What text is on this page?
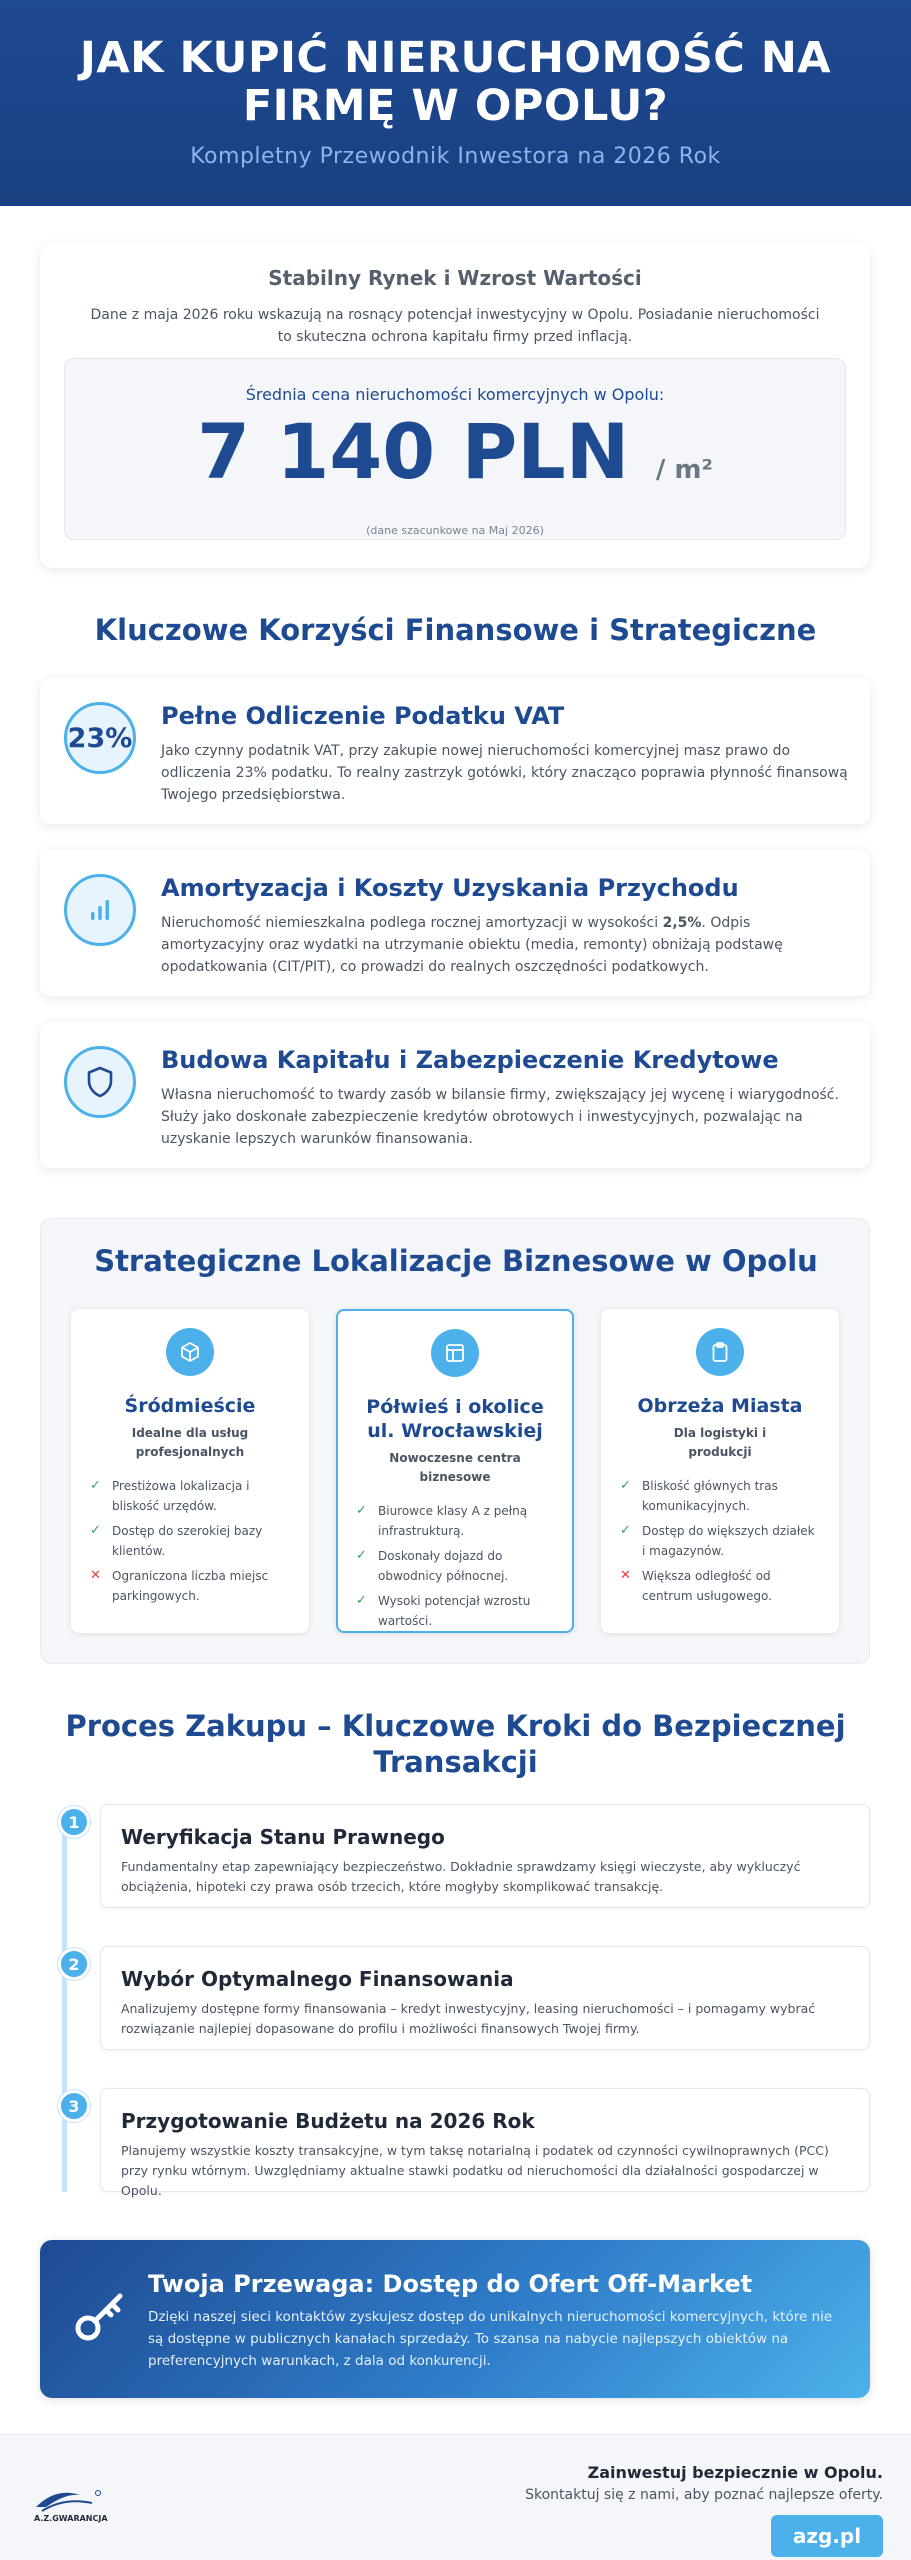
JAK KUPIĆ NIERUCHOMOŚĆ NA
FIRMĘ W OPOLU?
Kompletny Przewodnik Inwestora na 2026 Rok
Stabilny Rynek i Wzrost Wartości

Dane z maja 2026 roku wskazują na rosnący potencjał inwestycyjny w Opolu. Posiadanie nieruchomości to skuteczna ochrona kapitału firmy przed inflacją.

Średnia cena nieruchomości komercyjnych w Opolu:
7 140 PLN / m²
(dane szacunkowe na Maj 2026)
Kluczowe Korzyści Finansowe i Strategiczne
23%
Pełne Odliczenie Podatku VAT

Jako czynny podatnik VAT, przy zakupie nowej nieruchomości komercyjnej masz prawo do odliczenia 23% podatku. To realny zastrzyk gotówki, który znacząco poprawia płynność finansową Twojego przedsiębiorstwa.

Amortyzacja i Koszty Uzyskania Przychodu

Nieruchomość niemieszkalna podlega rocznej amortyzacji w wysokości 2,5%. Odpis amortyzacyjny oraz wydatki na utrzymanie obiektu (media, remonty) obniżają podstawę opodatkowania (CIT/PIT), co prowadzi do realnych oszczędności podatkowych.

Budowa Kapitału i Zabezpieczenie Kredytowe

Własna nieruchomość to twardy zasób w bilansie firmy, zwiększający jej wycenę i wiarygodność. Służy jako doskonałe zabezpieczenie kredytów obrotowych i inwestycyjnych, pozwalając na uzyskanie lepszych warunków finansowania.

Strategiczne Lokalizacje Biznesowe w Opolu
Śródmieście
Idealne dla usług profesjonalnych
✓ Prestiżowa lokalizacja i bliskość urzędów.
✓ Dostęp do szerokiej bazy klientów.
✕ Ograniczona liczba miejsc parkingowych.
Półwieś i okolice ul. Wrocławskiej
Nowoczesne centra biznesowe
✓ Biurowce klasy A z pełną infrastrukturą.
✓ Doskonały dojazd do obwodnicy północnej.
✓ Wysoki potencjał wzrostu wartości.
Obrzeża Miasta
Dla logistyki i produkcji
✓ Bliskość głównych tras komunikacyjnych.
✓ Dostęp do większych działek i magazynów.
✕ Większa odległość od centrum usługowego.
Proces Zakupu – Kluczowe Kroki do Bezpiecznej
Transakcji
1
Weryfikacja Stanu Prawnego

Fundamentalny etap zapewniający bezpieczeństwo. Dokładnie sprawdzamy księgi wieczyste, aby wykluczyć obciążenia, hipoteki czy prawa osób trzecich, które mogłyby skomplikować transakcję.

2
Wybór Optymalnego Finansowania

Analizujemy dostępne formy finansowania – kredyt inwestycyjny, leasing nieruchomości – i pomagamy wybrać rozwiązanie najlepiej dopasowane do profilu i możliwości finansowych Twojej firmy.

3
Przygotowanie Budżetu na 2026 Rok

Planujemy wszystkie koszty transakcyjne, w tym taksę notarialną i podatek od czynności cywilnoprawnych (PCC) przy rynku wtórnym. Uwzględniamy aktualne stawki podatku od nieruchomości dla działalności gospodarczej w Opolu.

Twoja Przewaga: Dostęp do Ofert Off-Market

Dzięki naszej sieci kontaktów zyskujesz dostęp do unikalnych nieruchomości komercyjnych, które nie są dostępne w publicznych kanałach sprzedaży. To szansa na nabycie najlepszych obiektów na preferencyjnych warunkach, z dala od konkurencji.

A.Z.GWARANCJA
Zainwestuj bezpiecznie w Opolu.
Skontaktuj się z nami, aby poznać najlepsze oferty.
azg.pl
